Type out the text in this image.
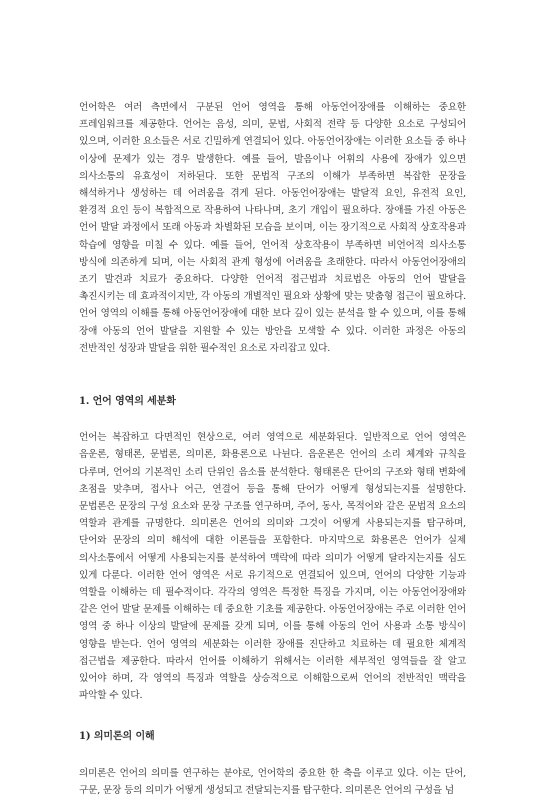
언어학은 여러 측면에서 구분된 언어 영역을 통해 아동언어장애를 이해하는 중요한 프레임워크를 제공한다. 언어는 음성, 의미, 문법, 사회적 전략 등 다양한 요소로 구성되어 있으며, 이러한 요소들은 서로 긴밀하게 연결되어 있다. 아동언어장애는 이러한 요소들 중 하나 이상에 문제가 있는 경우 발생한다. 예를 들어, 발음이나 어휘의 사용에 장애가 있으면 의사소통의 유효성이 저하된다. 또한 문법적 구조의 이해가 부족하면 복잡한 문장을 해석하거나 생성하는 데 어려움을 겪게 된다. 아동언어장애는 발달적 요인, 유전적 요인, 환경적 요인 등이 복합적으로 작용하여 나타나며, 초기 개입이 필요하다. 장애를 가진 아동은 언어 발달 과정에서 또래 아동과 차별화된 모습을 보이며, 이는 장기적으로 사회적 상호작용과 학습에 영향을 미칠 수 있다. 예를 들어, 언어적 상호작용이 부족하면 비언어적 의사소통 방식에 의존하게 되며, 이는 사회적 관계 형성에 어려움을 초래한다. 따라서 아동언어장애의 조기 발견과 치료가 중요하다. 다양한 언어적 접근법과 치료법은 아동의 언어 발달을 촉진시키는 데 효과적이지만, 각 아동의 개별적인 필요와 상황에 맞는 맞춤형 접근이 필요하다. 언어 영역의 이해를 통해 아동언어장애에 대한 보다 깊이 있는 분석을 할 수 있으며, 이를 통해 장애 아동의 언어 발달을 지원할 수 있는 방안을 모색할 수 있다. 이러한 과정은 아동의 전반적인 성장과 발달을 위한 필수적인 요소로 자리잡고 있다.

1. 언어 영역의 세분화

언어는 복잡하고 다면적인 현상으로, 여러 영역으로 세분화된다. 일반적으로 언어 영역은 음운론, 형태론, 문법론, 의미론, 화용론으로 나뉜다. 음운론은 언어의 소리 체계와 규칙을 다루며, 언어의 기본적인 소리 단위인 음소를 분석한다. 형태론은 단어의 구조와 형태 변화에 초점을 맞추며, 접사나 어근, 연결어 등을 통해 단어가 어떻게 형성되는지를 설명한다. 문법론은 문장의 구성 요소와 문장 구조를 연구하며, 주어, 동사, 목적어와 같은 문법적 요소의 역할과 관계를 규명한다. 의미론은 언어의 의미와 그것이 어떻게 사용되는지를 탐구하며, 단어와 문장의 의미 해석에 대한 이론들을 포함한다. 마지막으로 화용론은 언어가 실제 의사소통에서 어떻게 사용되는지를 분석하여 맥락에 따라 의미가 어떻게 달라지는지를 심도 있게 다룬다. 이러한 언어 영역은 서로 유기적으로 연결되어 있으며, 언어의 다양한 기능과 역할을 이해하는 데 필수적이다. 각각의 영역은 특정한 특징을 가지며, 이는 아동언어장애와 같은 언어 발달 문제를 이해하는 데 중요한 기초를 제공한다. 아동언어장애는 주로 이러한 언어 영역 중 하나 이상의 발달에 문제를 갖게 되며, 이를 통해 아동의 언어 사용과 소통 방식이 영향을 받는다. 언어 영역의 세분화는 이러한 장애를 진단하고 치료하는 데 필요한 체계적 접근법을 제공한다. 따라서 언어를 이해하기 위해서는 이러한 세부적인 영역들을 잘 알고 있어야 하며, 각 영역의 특징과 역할을 상승적으로 이해함으로써 언어의 전반적인 맥락을 파악할 수 있다.

1) 의미론의 이해

의미론은 언어의 의미를 연구하는 분야로, 언어학의 중요한 한 축을 이루고 있다. 이는 단어, 구문, 문장 등의 의미가 어떻게 생성되고 전달되는지를 탐구한다. 의미론은 언어의 구성을 넘
